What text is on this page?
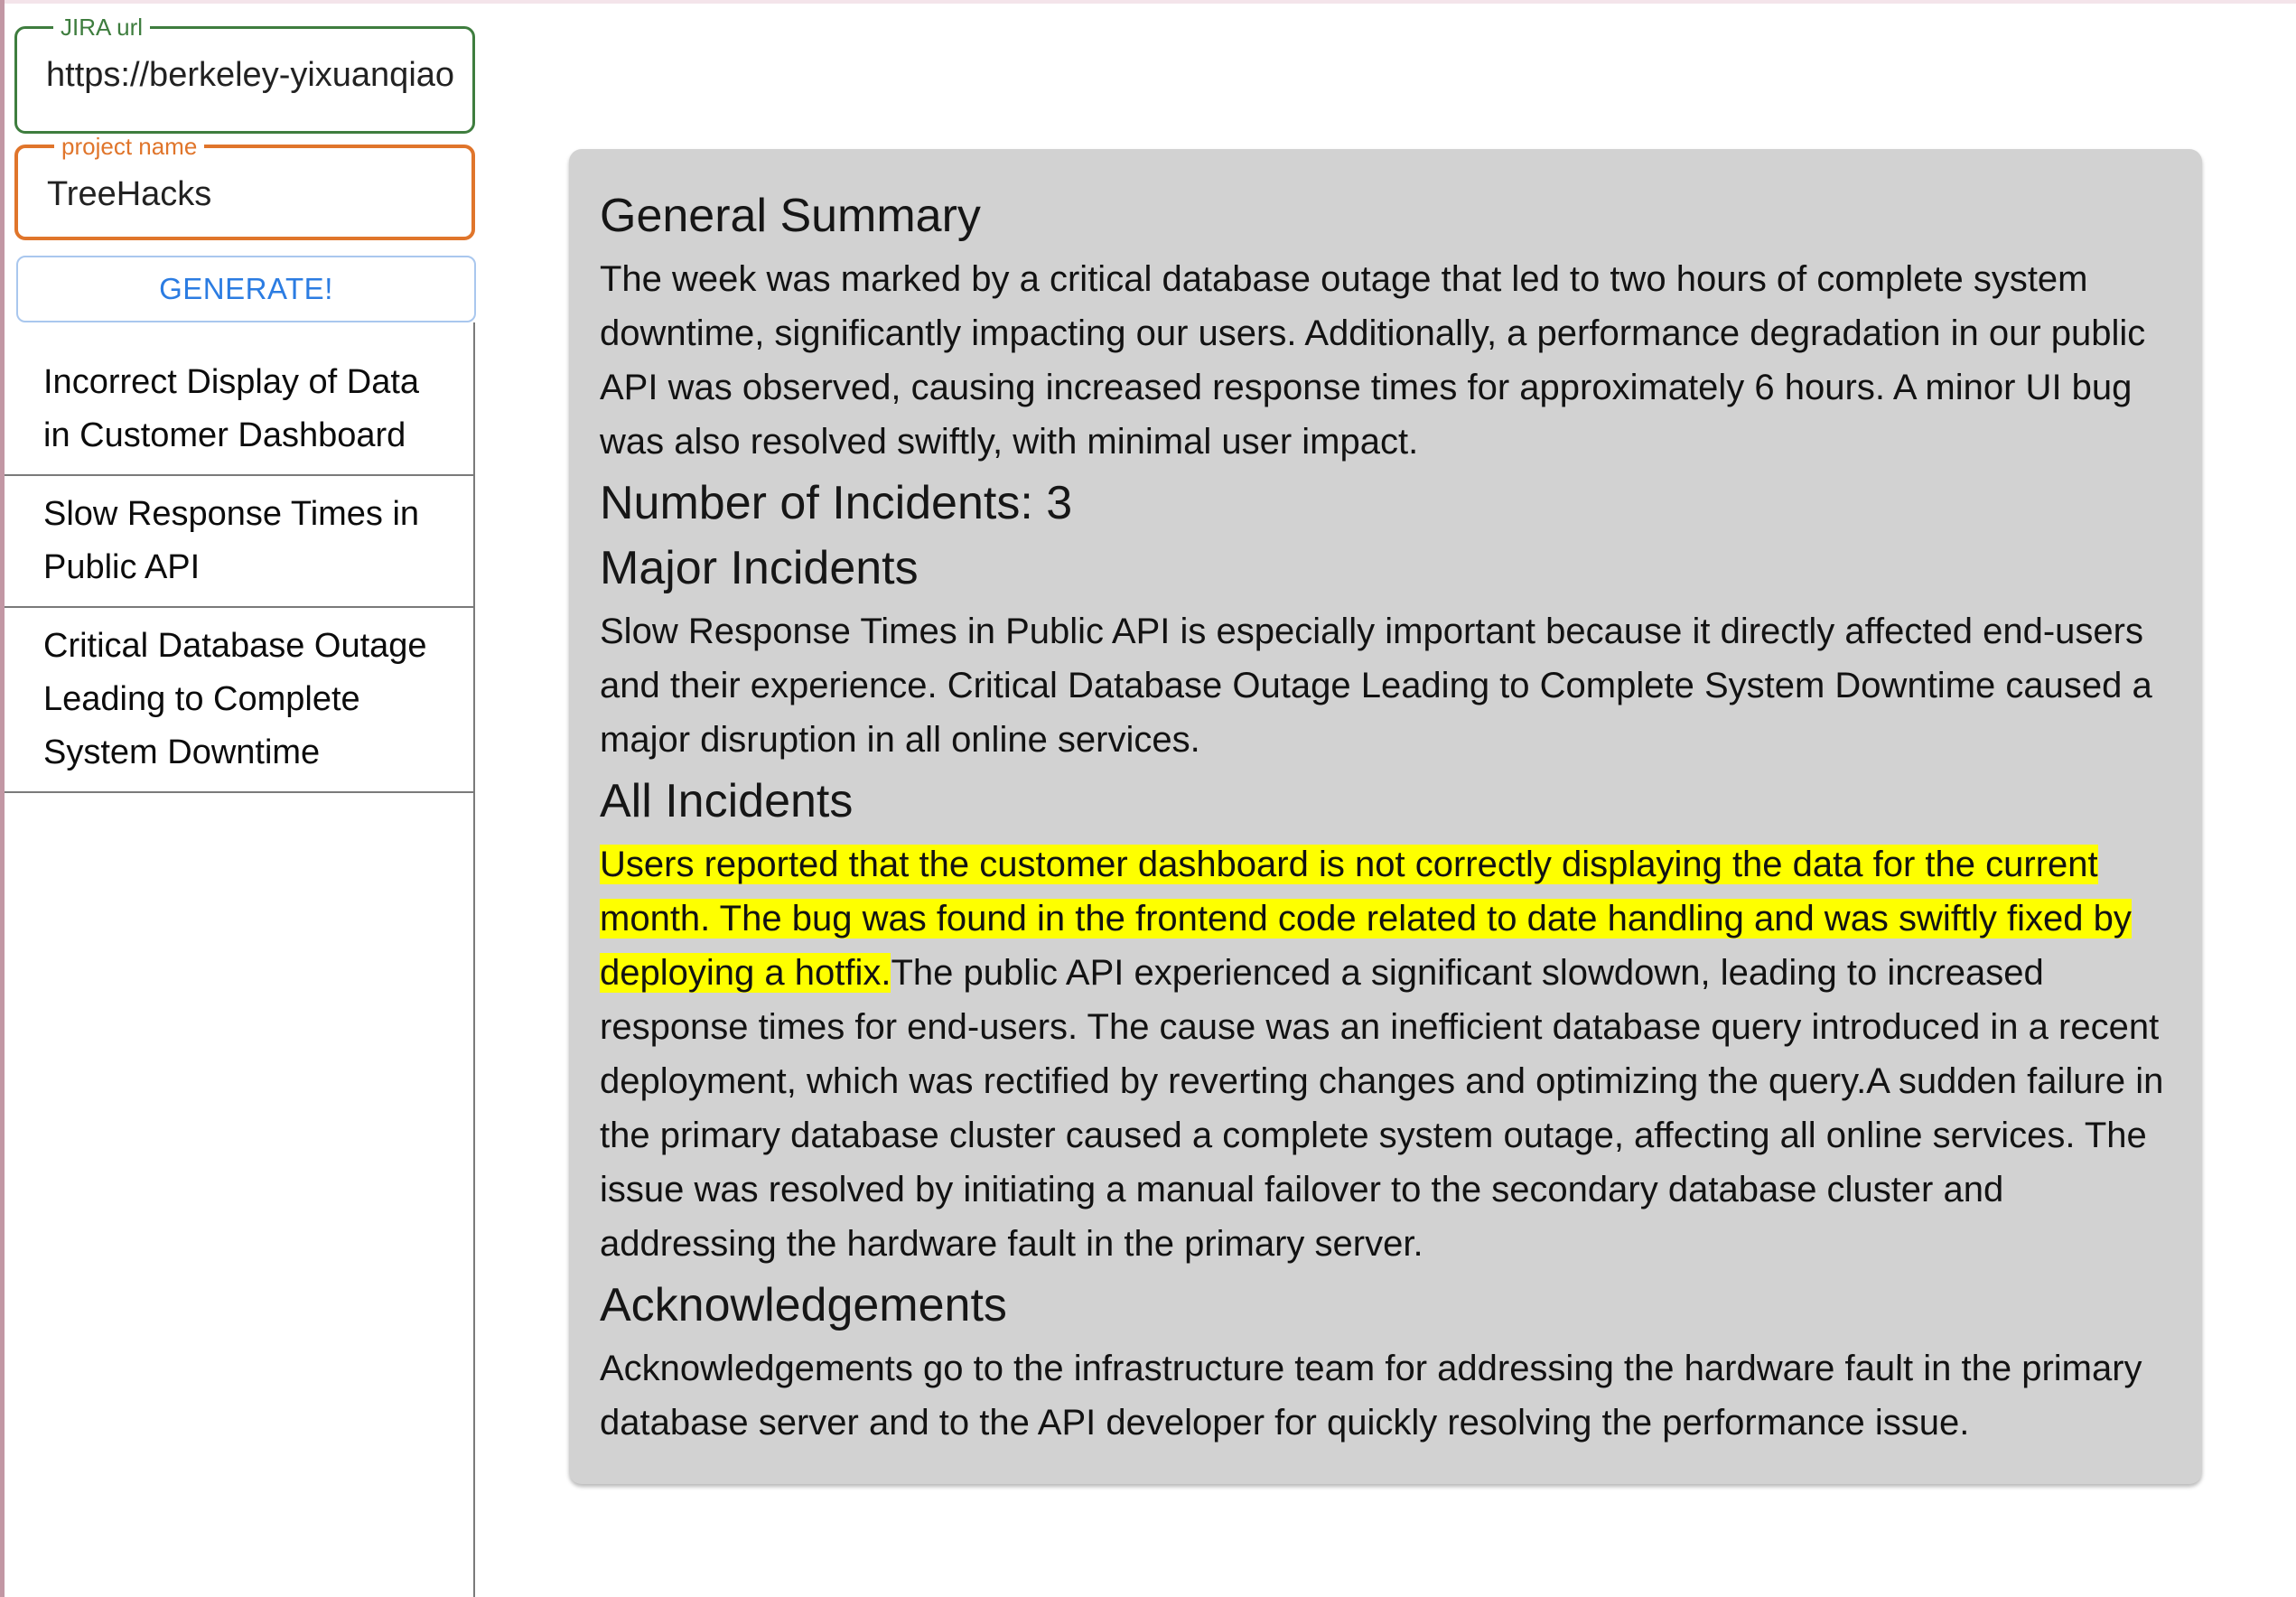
JIRA url
https://berkeley-yixuanqiao.atlas
project name
TreeHacks
GENERATE!
Incorrect Display of Data in Customer Dashboard
Slow Response Times in Public API
Critical Database Outage Leading to Complete System Downtime
General Summary

The week was marked by a critical database outage that led to two hours of complete system downtime, significantly impacting our users. Additionally, a performance degradation in our public API was observed, causing increased response times for approximately 6 hours. A minor UI bug was also resolved swiftly, with minimal user impact.

Number of Incidents: 3
Major Incidents

Slow Response Times in Public API is especially important because it directly affected end-users and their experience. Critical Database Outage Leading to Complete System Downtime caused a major disruption in all online services.

All Incidents

Users reported that the customer dashboard is not correctly displaying the data for the current month. The bug was found in the frontend code related to date handling and was swiftly fixed by deploying a hotfix.The public API experienced a significant slowdown, leading to increased response times for end-users. The cause was an inefficient database query introduced in a recent deployment, which was rectified by reverting changes and optimizing the query.A sudden failure in the primary database cluster caused a complete system outage, affecting all online services. The issue was resolved by initiating a manual failover to the secondary database cluster and addressing the hardware fault in the primary server.

Acknowledgements

Acknowledgements go to the infrastructure team for addressing the hardware fault in the primary database server and to the API developer for quickly resolving the performance issue.
